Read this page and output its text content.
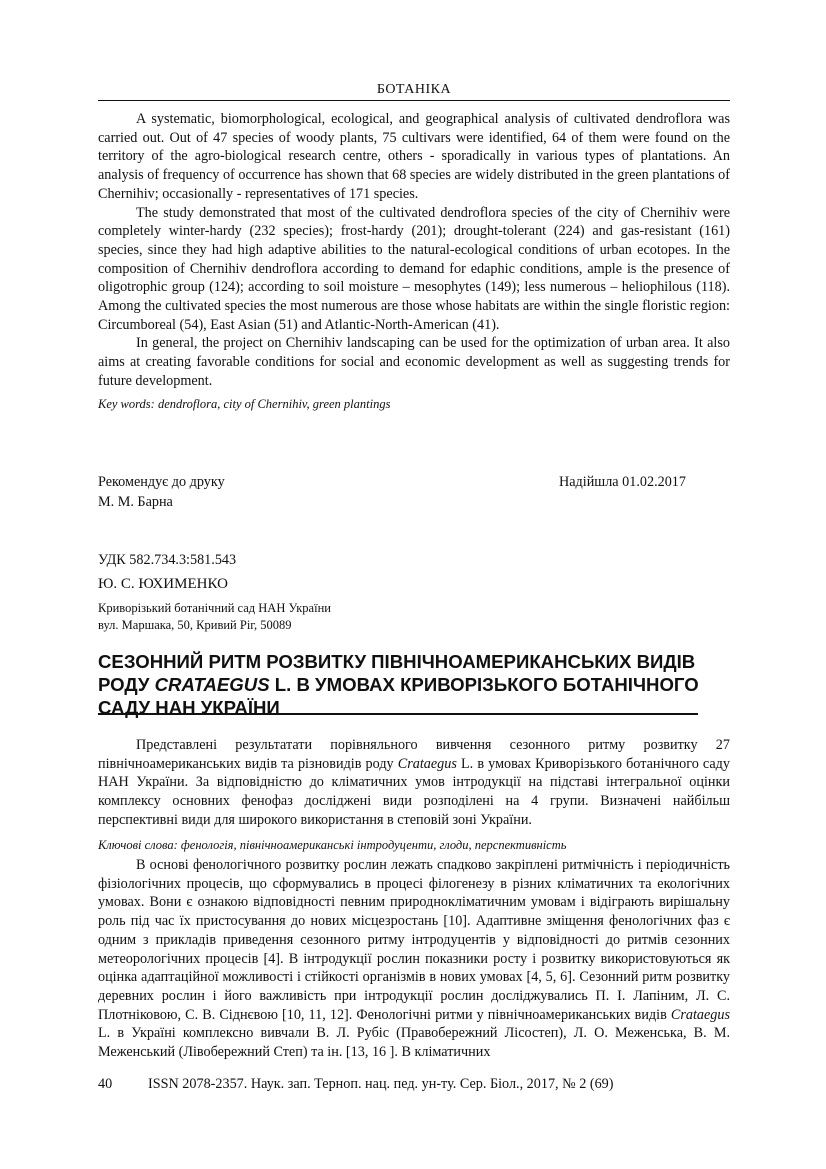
БОТАНІКА

A systematic, biomorphological, ecological, and geographical analysis of cultivated dendroflora was carried out. Out of 47 species of woody plants, 75 cultivars were identified, 64 of them were found on the territory of the agro-biological research centre, others - sporadically in various types of plantations. An analysis of frequency of occurrence has shown that 68 species are widely distributed in the green plantations of Chernihiv; occasionally - representatives of 171 species.

The study demonstrated that most of the cultivated dendroflora species of the city of Chernihiv were completely winter-hardy (232 species); frost-hardy (201); drought-tolerant (224) and gas-resistant (161) species, since they had high adaptive abilities to the natural-ecological conditions of urban ecotopes. In the composition of Chernihiv dendroflora according to demand for edaphic conditions, ample is the presence of oligotrophic group (124); according to soil moisture – mesophytes (149); less numerous – heliophilous (118). Among the cultivated species the most numerous are those whose habitats are within the single floristic region: Circumboreal (54), East Asian (51) and Atlantic-North-American (41).

In general, the project on Chernihiv landscaping can be used for the optimization of urban area. It also aims at creating favorable conditions for social and economic development as well as suggesting trends for future development.

Key words: dendroflora, city of Chernihiv, green plantings

Рекомендує до друку	Надійшла 01.02.2017
М. М. Барна
УДК 582.734.3:581.543
Ю. С. ЮХИМЕНКО
Криворізький ботанічний сад НАН України
вул. Маршака, 50, Кривий Ріг, 50089
СЕЗОННИЙ РИТМ РОЗВИТКУ ПІВНІЧНОАМЕРИКАНСЬКИХ ВИДІВ РОДУ CRATAEGUS L. В УМОВАХ КРИВОРІЗЬКОГО БОТАНІЧНОГО САДУ НАН УКРАЇНИ

Представлені результатати порівняльного вивчення сезонного ритму розвитку 27 північноамериканських видів та різновидів роду Crataegus L. в умовах Криворізького ботанічного саду НАН України. За відповідністю до кліматичних умов інтродукції на підставі інтегральної оцінки комплексу основних фенофаз досліджені види розподілені на 4 групи. Визначені найбільш перспективні види для широкого використання в степовій зоні України.

Ключові слова: фенологія, північноамериканські інтродуценти, глоди, перспективність

В основі фенологічного розвитку рослин лежать спадково закріплені ритмічність і періодичність фізіологічних процесів, що сформувались в процесі філогенезу в різних кліматичних та екологічних умовах. Вони є ознакою відповідності певним природнокліматичним умовам і відіграють вирішальну роль під час їх пристосування до нових місцезростань [10]. Адаптивне зміщення фенологічних фаз є одним з прикладів приведення сезонного ритму інтродуцентів у відповідності до ритмів сезонних метеорологічних процесів [4]. В інтродукції рослин показники росту і розвитку використовуються як оцінка адаптаційної можливості і стійкості організмів в нових умовах [4, 5, 6]. Сезонний ритм розвитку деревних рослин і його важливість при інтродукції рослин досліджувались П. І. Лапіним, Л. С. Плотніковою, С. В. Сіднєвою [10, 11, 12]. Фенологічні ритми у північноамериканських видів Crataegus L. в Україні комплексно вивчали В. Л. Рубіс (Правобережний Лісостеп), Л. О. Меженська, В. М. Меженський (Лівобережний Степ) та ін. [13, 16 ]. В кліматичних

40	ISSN 2078-2357. Наук. зап. Терноп. нац. пед. ун-ту. Сер. Біол., 2017, № 2 (69)
